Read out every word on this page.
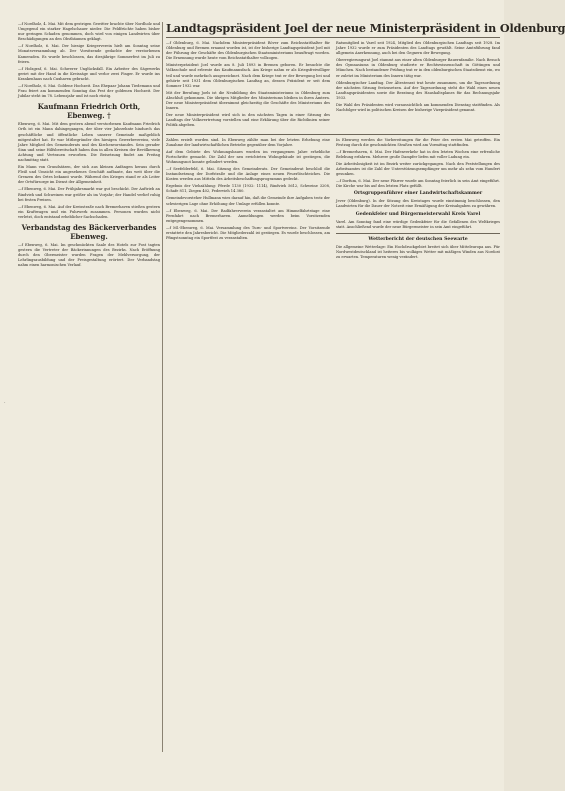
·

—f Nordholz, 4. Mai. Mit dem gestrigen Gewitter brachte über Nordholz und Umgegend ein starker Hagelschauer nieder. Die Feldfrüchte haben bisher nur geringen Schaden genommen, doch wird von einigen Landwirten über Beschädigungen an den Obstbäumen geklagt.

—f Nordholz, 6. Mai. Der hiesige Kriegerverein hielt am Sonntag seine Monatsversammlung ab. Der Vorsitzende gedachte der verstorbenen Kameraden. Es wurde beschlossen, das diesjährige Sommerfest im Juli zu feiern.

—f Holzgraf, 6. Mai. Schwerer Unglücksfall. Ein Arbeiter des Sägewerks geriet mit der Hand in die Kreissäge und verlor zwei Finger. Er wurde ins Krankenhaus nach Cuxhaven gebracht.

—f Nordholz, 6. Mai. Goldene Hochzeit. Das Ehepaar Johann Tiedemann und Frau feiert am kommenden Sonntag das Fest der goldenen Hochzeit. Der Jubilar steht im 78. Lebensjahr und ist noch rüstig.

Kaufmann Friedrich Orth, Ebenweg. †

Ebenweg, 6. Mai. Mit dem gestern abend verstorbenen Kaufmann Friedrich Orth ist ein Mann dahingegangen, der über vier Jahrzehnte hindurch das geschäftliche und öffentliche Leben unserer Gemeinde maßgeblich mitgestaltet hat. Er war Mitbegründer des hiesigen Gewerbevereins, viele Jahre Mitglied des Gemeinderats und des Kirchenvorstandes. Sein gerader Sinn und seine Hilfsbereitschaft haben ihm in allen Kreisen der Bevölkerung Achtung und Vertrauen erworben. Die Beisetzung findet am Freitag nachmittag statt.

Ein Mann von Grundsätzen, der sich aus kleinen Anfängen heraus durch Fleiß und Umsicht ein angesehenes Geschäft aufbaute, das weit über die Grenzen des Ortes bekannt wurde. Während des Krieges stand er als Leiter der Ortsfürsorge im Dienst der Allgemeinheit.

—f Ebenweg, 6. Mai. Der Frühjahrsmarkt war gut beschickt. Der Auftrieb an Rindvieh und Schweinen war größer als im Vorjahr; der Handel verlief ruhig bei festen Preisen.

—f Ebenweg, 6. Mai. Auf der Kreisstraße nach Bremerhaven stießen gestern ein Kraftwagen und ein Fuhrwerk zusammen. Personen wurden nicht verletzt, doch entstand erheblicher Sachschaden.

Verbandstag des Bäckerverbandes Ebenweg.

—f Ebenweg, 6. Mai. Im geschmückten Saale des Hotels zur Post tagten gestern die Vertreter der Bäckerinnungen des Bezirks. Nach Eröffnung durch den Obermeister wurden Fragen der Mehlversorgung, der Lehrlingsausbildung und der Preisgestaltung erörtert. Der Verbandstag nahm einen harmonischen Verlauf.

Landtagspräsident Joel der neue Ministerpräsident in Oldenburg

—f Oldenburg, 6. Mai. Nachdem Ministerpräsident Röver zum Reichsstatthalter für Oldenburg und Bremen ernannt worden ist, ist der bisherige Landtagspräsident Joel mit der Führung der Geschäfte des Oldenburgischen Staatsministeriums beauftragt worden. Die Ernennung wurde heute vom Reichsstatthalter vollzogen.

Ministerpräsident Joel wurde am 8. Juli 1893 in Bremen geboren. Er besuchte die Volksschule und erlernte das Kaufmannsfach. Am Kriege nahm er als Kriegsfreiwilliger teil und wurde mehrfach ausgezeichnet. Nach dem Kriege trat er der Bewegung bei und gehörte seit 1931 dem Oldenburgischen Landtag an, dessen Präsident er seit dem Sommer 1932 war.

Mit der Berufung Joels ist die Neubildung des Staatsministeriums in Oldenburg zum Abschluß gekommen. Die übrigen Mitglieder des Ministeriums bleiben in ihren Ämtern. Der neue Ministerpräsident übernimmt gleichzeitig die Geschäfte des Ministeriums des Innern.

Der neue Ministerpräsident wird sich in den nächsten Tagen in einer Sitzung des Landtags der Volksvertretung vorstellen und eine Erklärung über die Richtlinien seiner Politik abgeben.

Ratsmitglied in Varel seit 1924, Mitglied des Oldenburgischen Landtags seit 1928. Im Jahre 1932 wurde er zum Präsidenten des Landtags gewählt. Seine Amtsführung fand allgemein Anerkennung, auch bei den Gegnern der Bewegung.

Oberregierungsrat Joel stammt aus einer alten Oldenburger Bauernfamilie. Nach Besuch des Gymnasiums in Oldenburg studierte er Rechtswissenschaft in Göttingen und München. Nach bestandener Prüfung trat er in den oldenburgischen Staatsdienst ein, wo er zuletzt im Ministerium des Innern tätig war.

Oldenburgischer Landtag. Der Ältestenrat trat heute zusammen, um die Tagesordnung der nächsten Sitzung festzusetzen. Auf der Tagesordnung steht die Wahl eines neuen Landtagspräsidenten sowie die Beratung des Haushaltsplanes für das Rechnungsjahr 1933.

Die Wahl des Präsidenten wird voraussichtlich am kommenden Dienstag stattfinden. Als Nachfolger wird in politischen Kreisen der bisherige Vizepräsident genannt.

Zahlen erzielt worden sind. In Ebenweg zählte man bei der letzten Erhebung eine Zunahme der landwirtschaftlichen Betriebe gegenüber dem Vorjahre.

Auf dem Gebiete des Wohnungsbaues wurden im vergangenen Jahre erhebliche Fortschritte gemacht. Die Zahl der neu errichteten Wohngebäude ist gestiegen, die Wohnungsnot konnte gelindert werden.

—f Seefelderfeld, 6. Mai. Sitzung des Gemeinderats. Der Gemeinderat beschloß die Instandsetzung der Dorfstraße und die Anlage eines neuen Feuerlöschteiches. Die Kosten werden aus Mitteln des Arbeitsbeschaffungsprogramms gedeckt.

Ergebnis der Viehzählung: Pferde 1130 (1932: 1114), Rindvieh 5612, Schweine 3208, Schafe 811, Ziegen 402, Federvieh 14 380.

Gemeindevorsteher Hullmann wies darauf hin, daß die Gemeinde ihre Aufgaben trotz der schwierigen Lage ohne Erhöhung der Umlage erfüllen konnte.

—f Ebenweg, 6. Mai. Der Radfahrerverein veranstaltet am Himmelfahrtstage eine Fernfahrt nach Bremerhaven. Anmeldungen werden beim Vorsitzenden entgegengenommen.

—f Ml.-Ebenweg, 6. Mai. Versammlung des Turn- und Sportvereins. Der Vorsitzende erstattete den Jahresbericht. Die Mitgliederzahl ist gestiegen. Es wurde beschlossen, am Pfingstsonntag ein Sportfest zu veranstalten.

In Ebenweg werden die Vorbereitungen für die Feier des ersten Mai getroffen. Ein Festzug durch die geschmückten Straßen wird am Vormittag stattfinden.

—f Bremerhaven, 6. Mai. Der Hafenverkehr hat in den letzten Wochen eine erfreuliche Belebung erfahren. Mehrere große Dampfer liefen mit voller Ladung ein.

Die Arbeitslosigkeit ist im Bezirk weiter zurückgegangen. Nach den Feststellungen des Arbeitsamtes ist die Zahl der Unterstützungsempfänger um mehr als zehn vom Hundert gesunken.

—f Dorfum, 6. Mai. Der neue Pfarrer wurde am Sonntag feierlich in sein Amt eingeführt. Die Kirche war bis auf den letzten Platz gefüllt.

Ortsgruppenführer einer Landwirtschaftskammer

Jever (Oldenburg). In der Sitzung des Kreistages wurde einstimmig beschlossen, den Landwirten für die Dauer der Notzeit eine Ermäßigung der Kreisabgaben zu gewähren.

Gedenkfeier und Bürgermeisterwahl Kreis Varel

Varel. Am Sonntag fand eine würdige Gedenkfeier für die Gefallenen des Weltkrieges statt. Anschließend wurde der neue Bürgermeister in sein Amt eingeführt.

Wetterbericht der deutschen Seewarte

Die allgemeine Wetterlage: Ein Hochdruckgebiet breitet sich über Mitteleuropa aus. Für Nordwestdeutschland ist heiteres bis wolkiges Wetter mit mäßigen Winden aus Nordost zu erwarten. Temperaturen wenig verändert.
